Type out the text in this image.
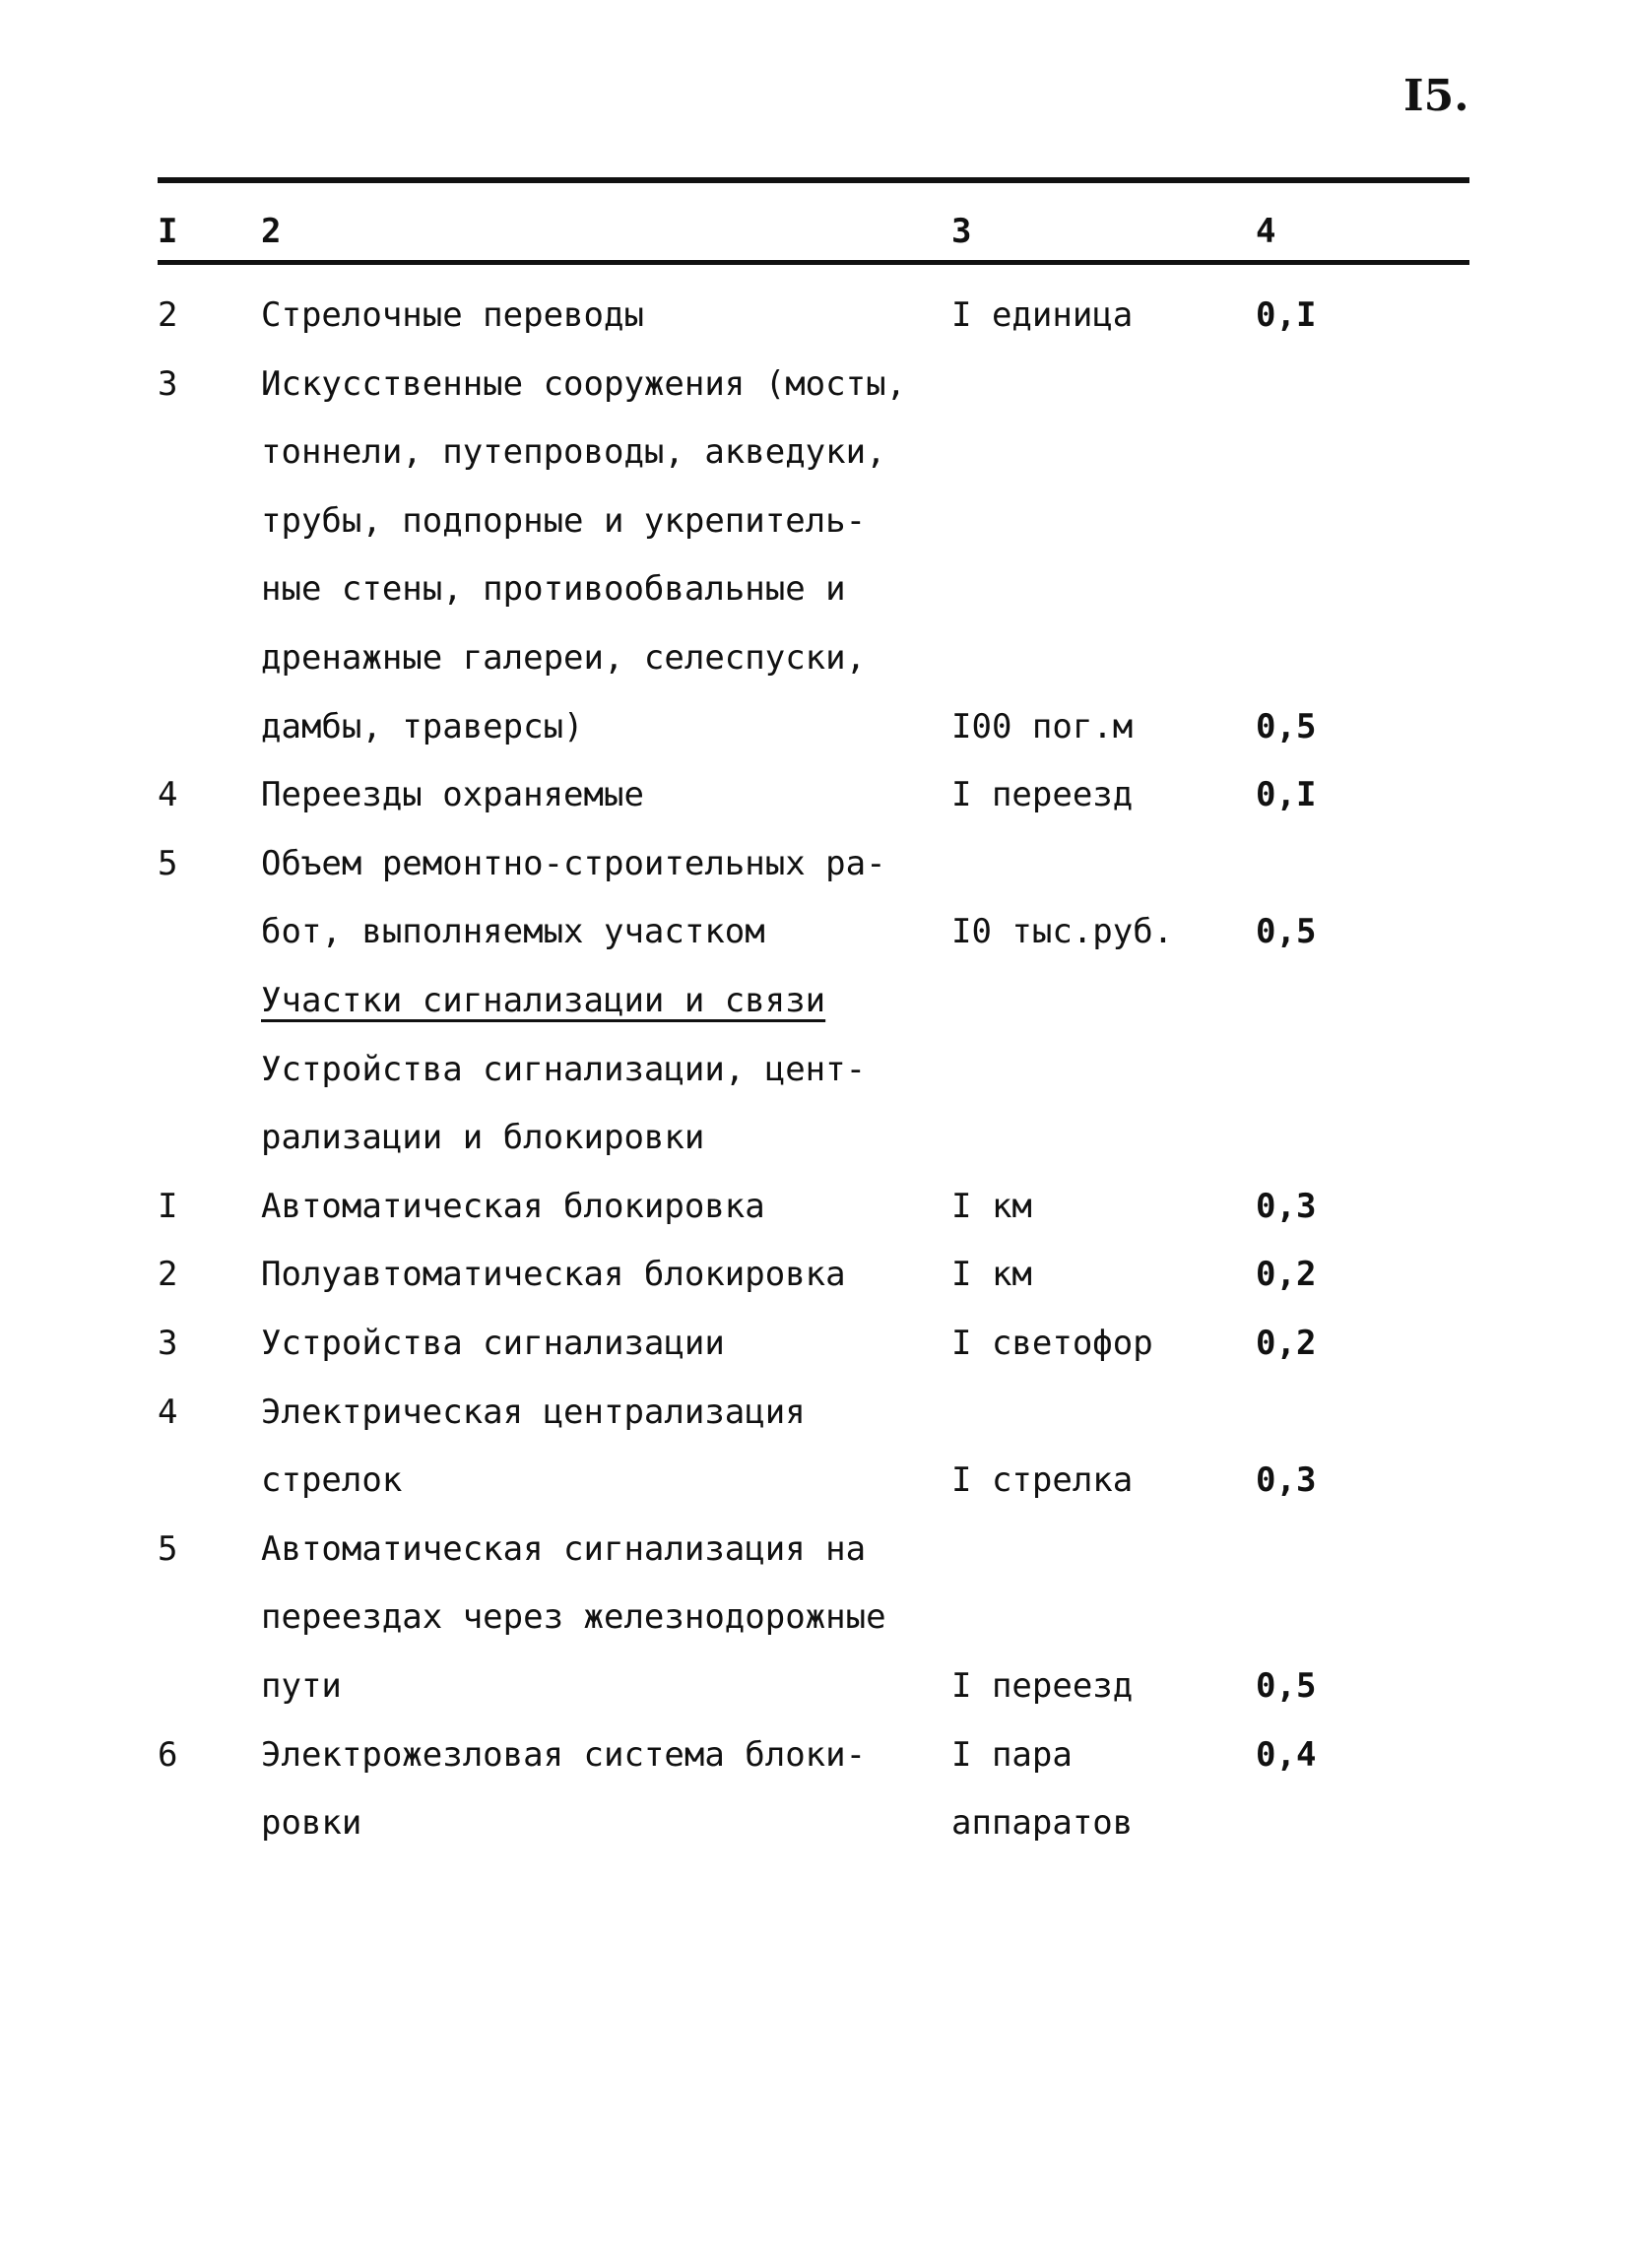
I5.
I 2	3	4
2 Стрелочные переводы	I единица	0,I
3 Искусственные сооружения (мосты,
тоннели, путепроводы, акведуки,
трубы, подпорные и укрепитель-
ные стены, противообвальные и
дренажные галереи, селеспуски,
дамбы, траверсы)	I00 пог.м	0,5
4 Переезды охраняемые	I переезд	0,I
5 Объем ремонтно-строительных ра-
бот, выполняемых участком	I0 тыс.руб. 0,5
Участки сигнализации и связи
Устройства сигнализации, цент-
рализации и блокировки
I Автоматическая блокировка	I км	0,3
2 Полуавтоматическая блокировка	I км	0,2
3 Устройства сигнализации	I светофор	0,2
4 Электрическая централизация
стрелок	I стрелка	0,3
5 Автоматическая сигнализация на
переездах через железнодорожные
пути	I переезд	0,5
6 Электрожезловая система блоки-	I пара	0,4
ровки	аппаратов
